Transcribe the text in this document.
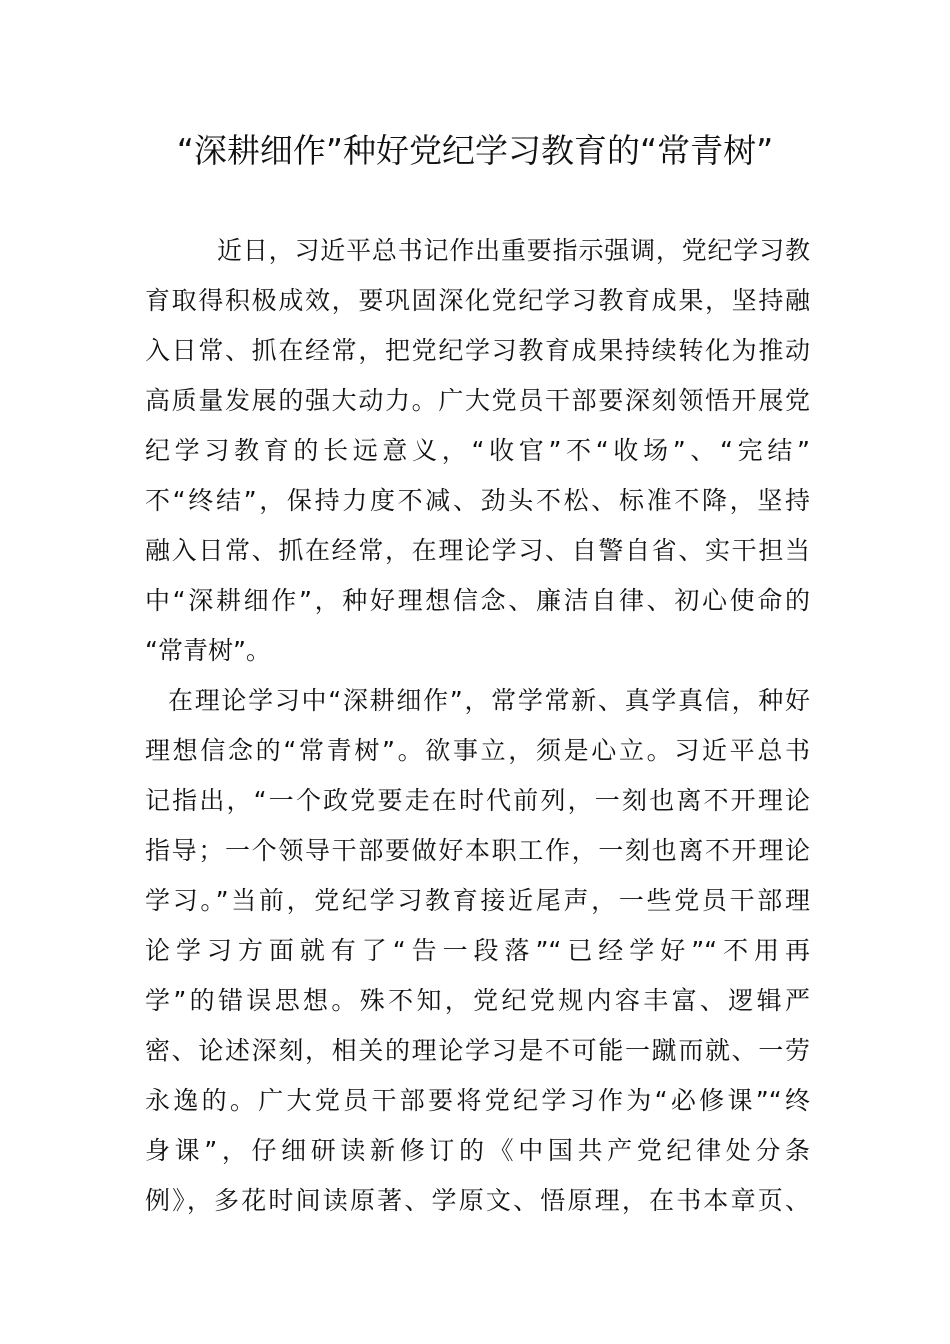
“深耕细作”种好党纪学习教育的“常青树”

近日，习近平总书记作出重要指示强调，党纪学习教

育取得积极成效，要巩固深化党纪学习教育成果，坚持融

入日常、抓在经常，把党纪学习教育成果持续转化为推动

高质量发展的强大动力。广大党员干部要深刻领悟开展党

纪学习教育的长远意义，“收官”不“收场”、“完结”

不“终结”，保持力度不减、劲头不松、标准不降，坚持

融入日常、抓在经常，在理论学习、自警自省、实干担当

中“深耕细作”，种好理想信念、廉洁自律、初心使命的

“常青树”。

在理论学习中“深耕细作”，常学常新、真学真信，种好

理想信念的“常青树”。欲事立，须是心立。习近平总书

记指出，“一个政党要走在时代前列，一刻也离不开理论

指导；一个领导干部要做好本职工作，一刻也离不开理论

学习。”当前，党纪学习教育接近尾声，一些党员干部理

论学习方面就有了“告一段落”“已经学好”“不用再

学”的错误思想。殊不知，党纪党规内容丰富、逻辑严

密、论述深刻，相关的理论学习是不可能一蹴而就、一劳

永逸的。广大党员干部要将党纪学习作为“必修课”“终

身课”，仔细研读新修订的《中国共产党纪律处分条

例》，多花时间读原著、学原文、悟原理，在书本章页、
